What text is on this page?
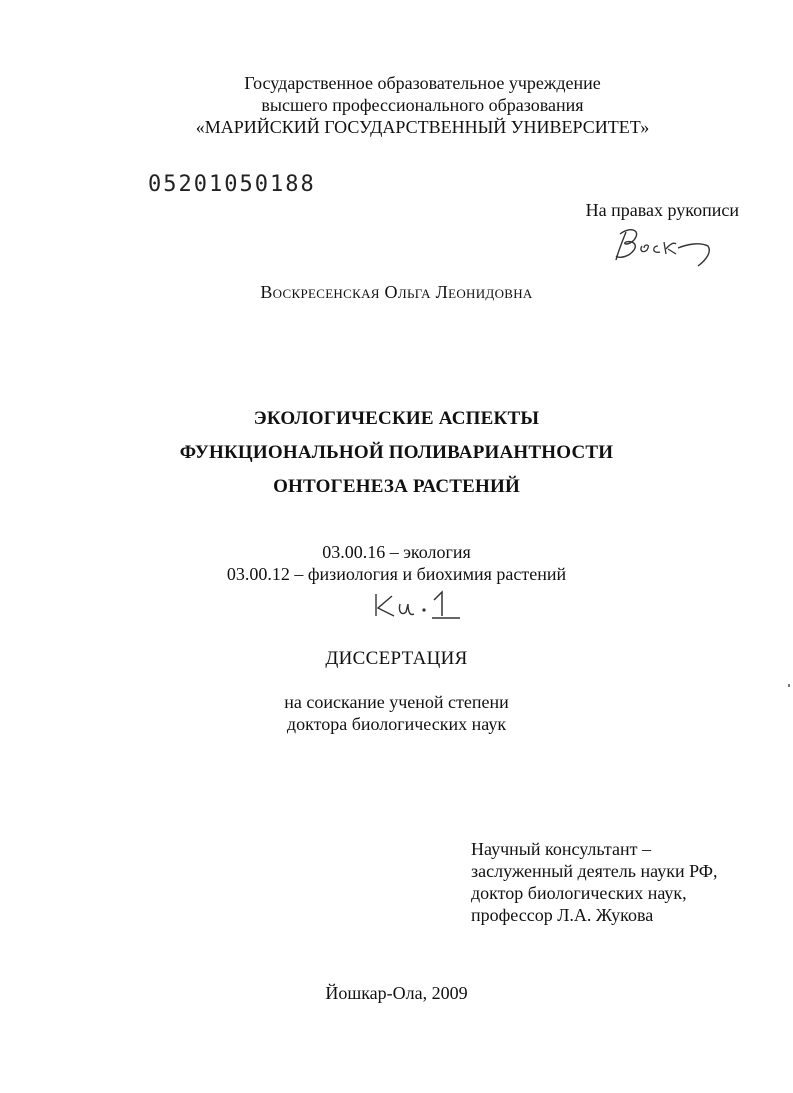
Государственное образовательное учреждение
высшего профессионального образования
«МАРИЙСКИЙ ГОСУДАРСТВЕННЫЙ УНИВЕРСИТЕТ»
05201050188
На правах рукописи
Воскресенская Ольга Леонидовна
ЭКОЛОГИЧЕСКИЕ АСПЕКТЫ
ФУНКЦИОНАЛЬНОЙ ПОЛИВАРИАНТНОСТИ
ОНТОГЕНЕЗА РАСТЕНИЙ
03.00.16 – экология
03.00.12 – физиология и биохимия растений
ДИССЕРТАЦИЯ
на соискание ученой степени
доктора биологических наук
Научный консультант –
заслуженный деятель науки РФ,
доктор биологических наук,
профессор Л.А. Жукова
Йошкар-Ола, 2009
